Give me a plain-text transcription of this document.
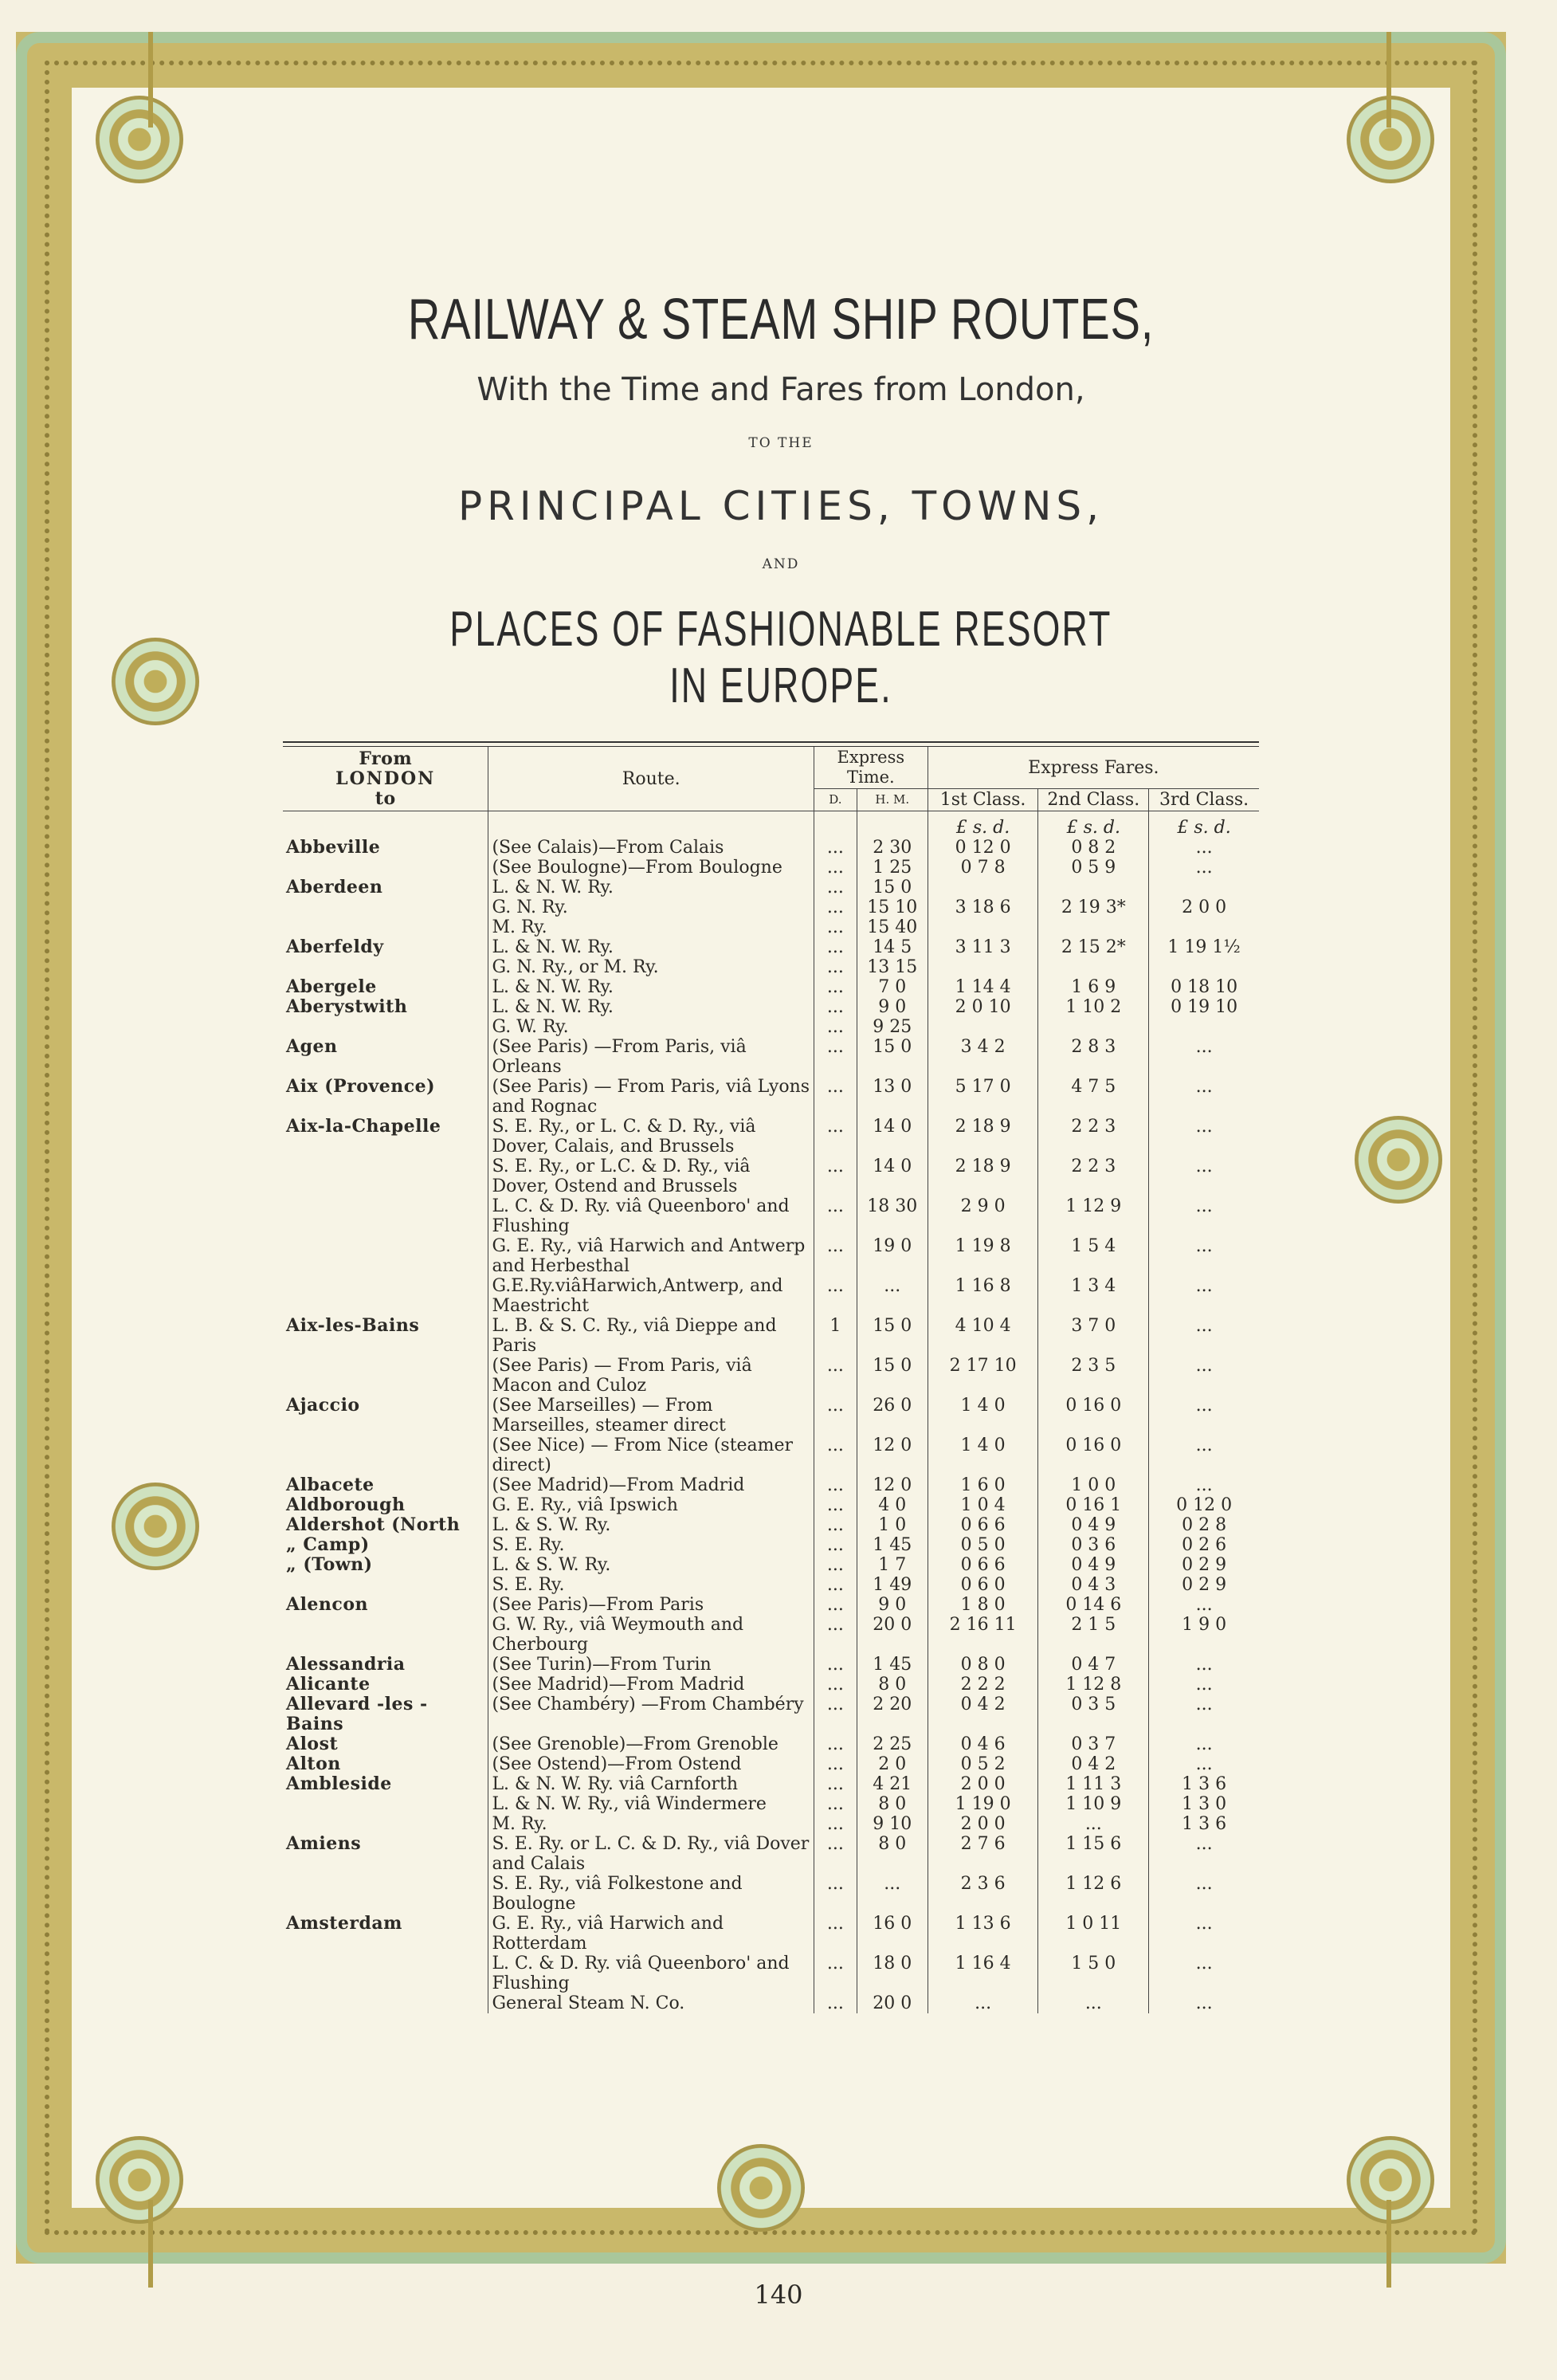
RAILWAY & STEAM SHIP ROUTES,
With the Time and Fares from London,
TO THE
PRINCIPAL CITIES, TOWNS,
AND
PLACES OF FASHIONABLE RESORT IN EUROPE.
From
LONDON
to	Route.	Express Time.		Express Fares.		
		D.	H. M.	1st Class.	2nd Class.	3rd Class.
				£ s. d.	£ s. d.	£ s. d.
Abbeville	(See Calais)—From Calais	...	2 30	0 12 0	0 8 2	...
	(See Boulogne)—From Boulogne	...	1 25	0 7 8	0 5 9	...
Aberdeen	L. & N. W. Ry.	...	15 0			
	G. N. Ry.	...	15 10	3 18 6	2 19 3*	2 0 0
	M. Ry.	...	15 40			
Aberfeldy	L. & N. W. Ry.	...	14 5	3 11 3	2 15 2*	1 19 1½
	G. N. Ry., or M. Ry.	...	13 15			
Abergele	L. & N. W. Ry.	...	7 0	1 14 4	1 6 9	0 18 10
Aberystwith	L. & N. W. Ry.	...	9 0	2 0 10	1 10 2	0 19 10
	G. W. Ry.	...	9 25			
Agen	(See Paris) —From Paris, viâ Orleans	...	15 0	3 4 2	2 8 3	...
Aix (Provence)	(See Paris) — From Paris, viâ Lyons and Rognac	...	13 0	5 17 0	4 7 5	...
Aix-la-Chapelle	S. E. Ry., or L. C. & D. Ry., viâ Dover, Calais, and Brussels	...	14 0	2 18 9	2 2 3	...
	S. E. Ry., or L.C. & D. Ry., viâ Dover, Ostend and Brussels	...	14 0	2 18 9	2 2 3	...
	L. C. & D. Ry. viâ Queenboro' and Flushing	...	18 30	2 9 0	1 12 9	...
	G. E. Ry., viâ Harwich and Antwerp and Herbesthal	...	19 0	1 19 8	1 5 4	...
	G.E.Ry.viâHarwich,Antwerp, and Maestricht	...	...	1 16 8	1 3 4	...
Aix-les-Bains	L. B. & S. C. Ry., viâ Dieppe and Paris	1	15 0	4 10 4	3 7 0	...
	(See Paris) — From Paris, viâ Macon and Culoz	...	15 0	2 17 10	2 3 5	...
Ajaccio	(See Marseilles) — From Marseilles, steamer direct	...	26 0	1 4 0	0 16 0	...
	(See Nice) — From Nice (steamer direct)	...	12 0	1 4 0	0 16 0	...
Albacete	(See Madrid)—From Madrid	...	12 0	1 6 0	1 0 0	...
Aldborough	G. E. Ry., viâ Ipswich	...	4 0	1 0 4	0 16 1	0 12 0
Aldershot (North	L. & S. W. Ry.	...	1 0	0 6 6	0 4 9	0 2 8
„ Camp)	S. E. Ry.	...	1 45	0 5 0	0 3 6	0 2 6
„ (Town)	L. & S. W. Ry.	...	1 7	0 6 6	0 4 9	0 2 9
	S. E. Ry.	...	1 49	0 6 0	0 4 3	0 2 9
Alencon	(See Paris)—From Paris	...	9 0	1 8 0	0 14 6	...
	G. W. Ry., viâ Weymouth and Cherbourg	...	20 0	2 16 11	2 1 5	1 9 0
Alessandria	(See Turin)—From Turin	...	1 45	0 8 0	0 4 7	...
Alicante	(See Madrid)—From Madrid	...	8 0	2 2 2	1 12 8	...
Allevard -les - Bains	(See Chambéry) —From Chambéry	...	2 20	0 4 2	0 3 5	...
Alost	(See Grenoble)—From Grenoble	...	2 25	0 4 6	0 3 7	...
Alton	(See Ostend)—From Ostend	...	2 0	0 5 2	0 4 2	...
Ambleside	L. & N. W. Ry. viâ Carnforth	...	4 21	2 0 0	1 11 3	1 3 6
	L. & N. W. Ry., viâ Windermere	...	8 0	1 19 0	1 10 9	1 3 0
	M. Ry.	...	9 10	2 0 0	...	1 3 6
Amiens	S. E. Ry. or L. C. & D. Ry., viâ Dover and Calais	...	8 0	2 7 6	1 15 6	...
	S. E. Ry., viâ Folkestone and Boulogne	...	...	2 3 6	1 12 6	...
Amsterdam	G. E. Ry., viâ Harwich and Rotterdam	...	16 0	1 13 6	1 0 11	...
	L. C. & D. Ry. viâ Queenboro' and Flushing	...	18 0	1 16 4	1 5 0	...
	General Steam N. Co.	...	20 0	...	...	...
140
